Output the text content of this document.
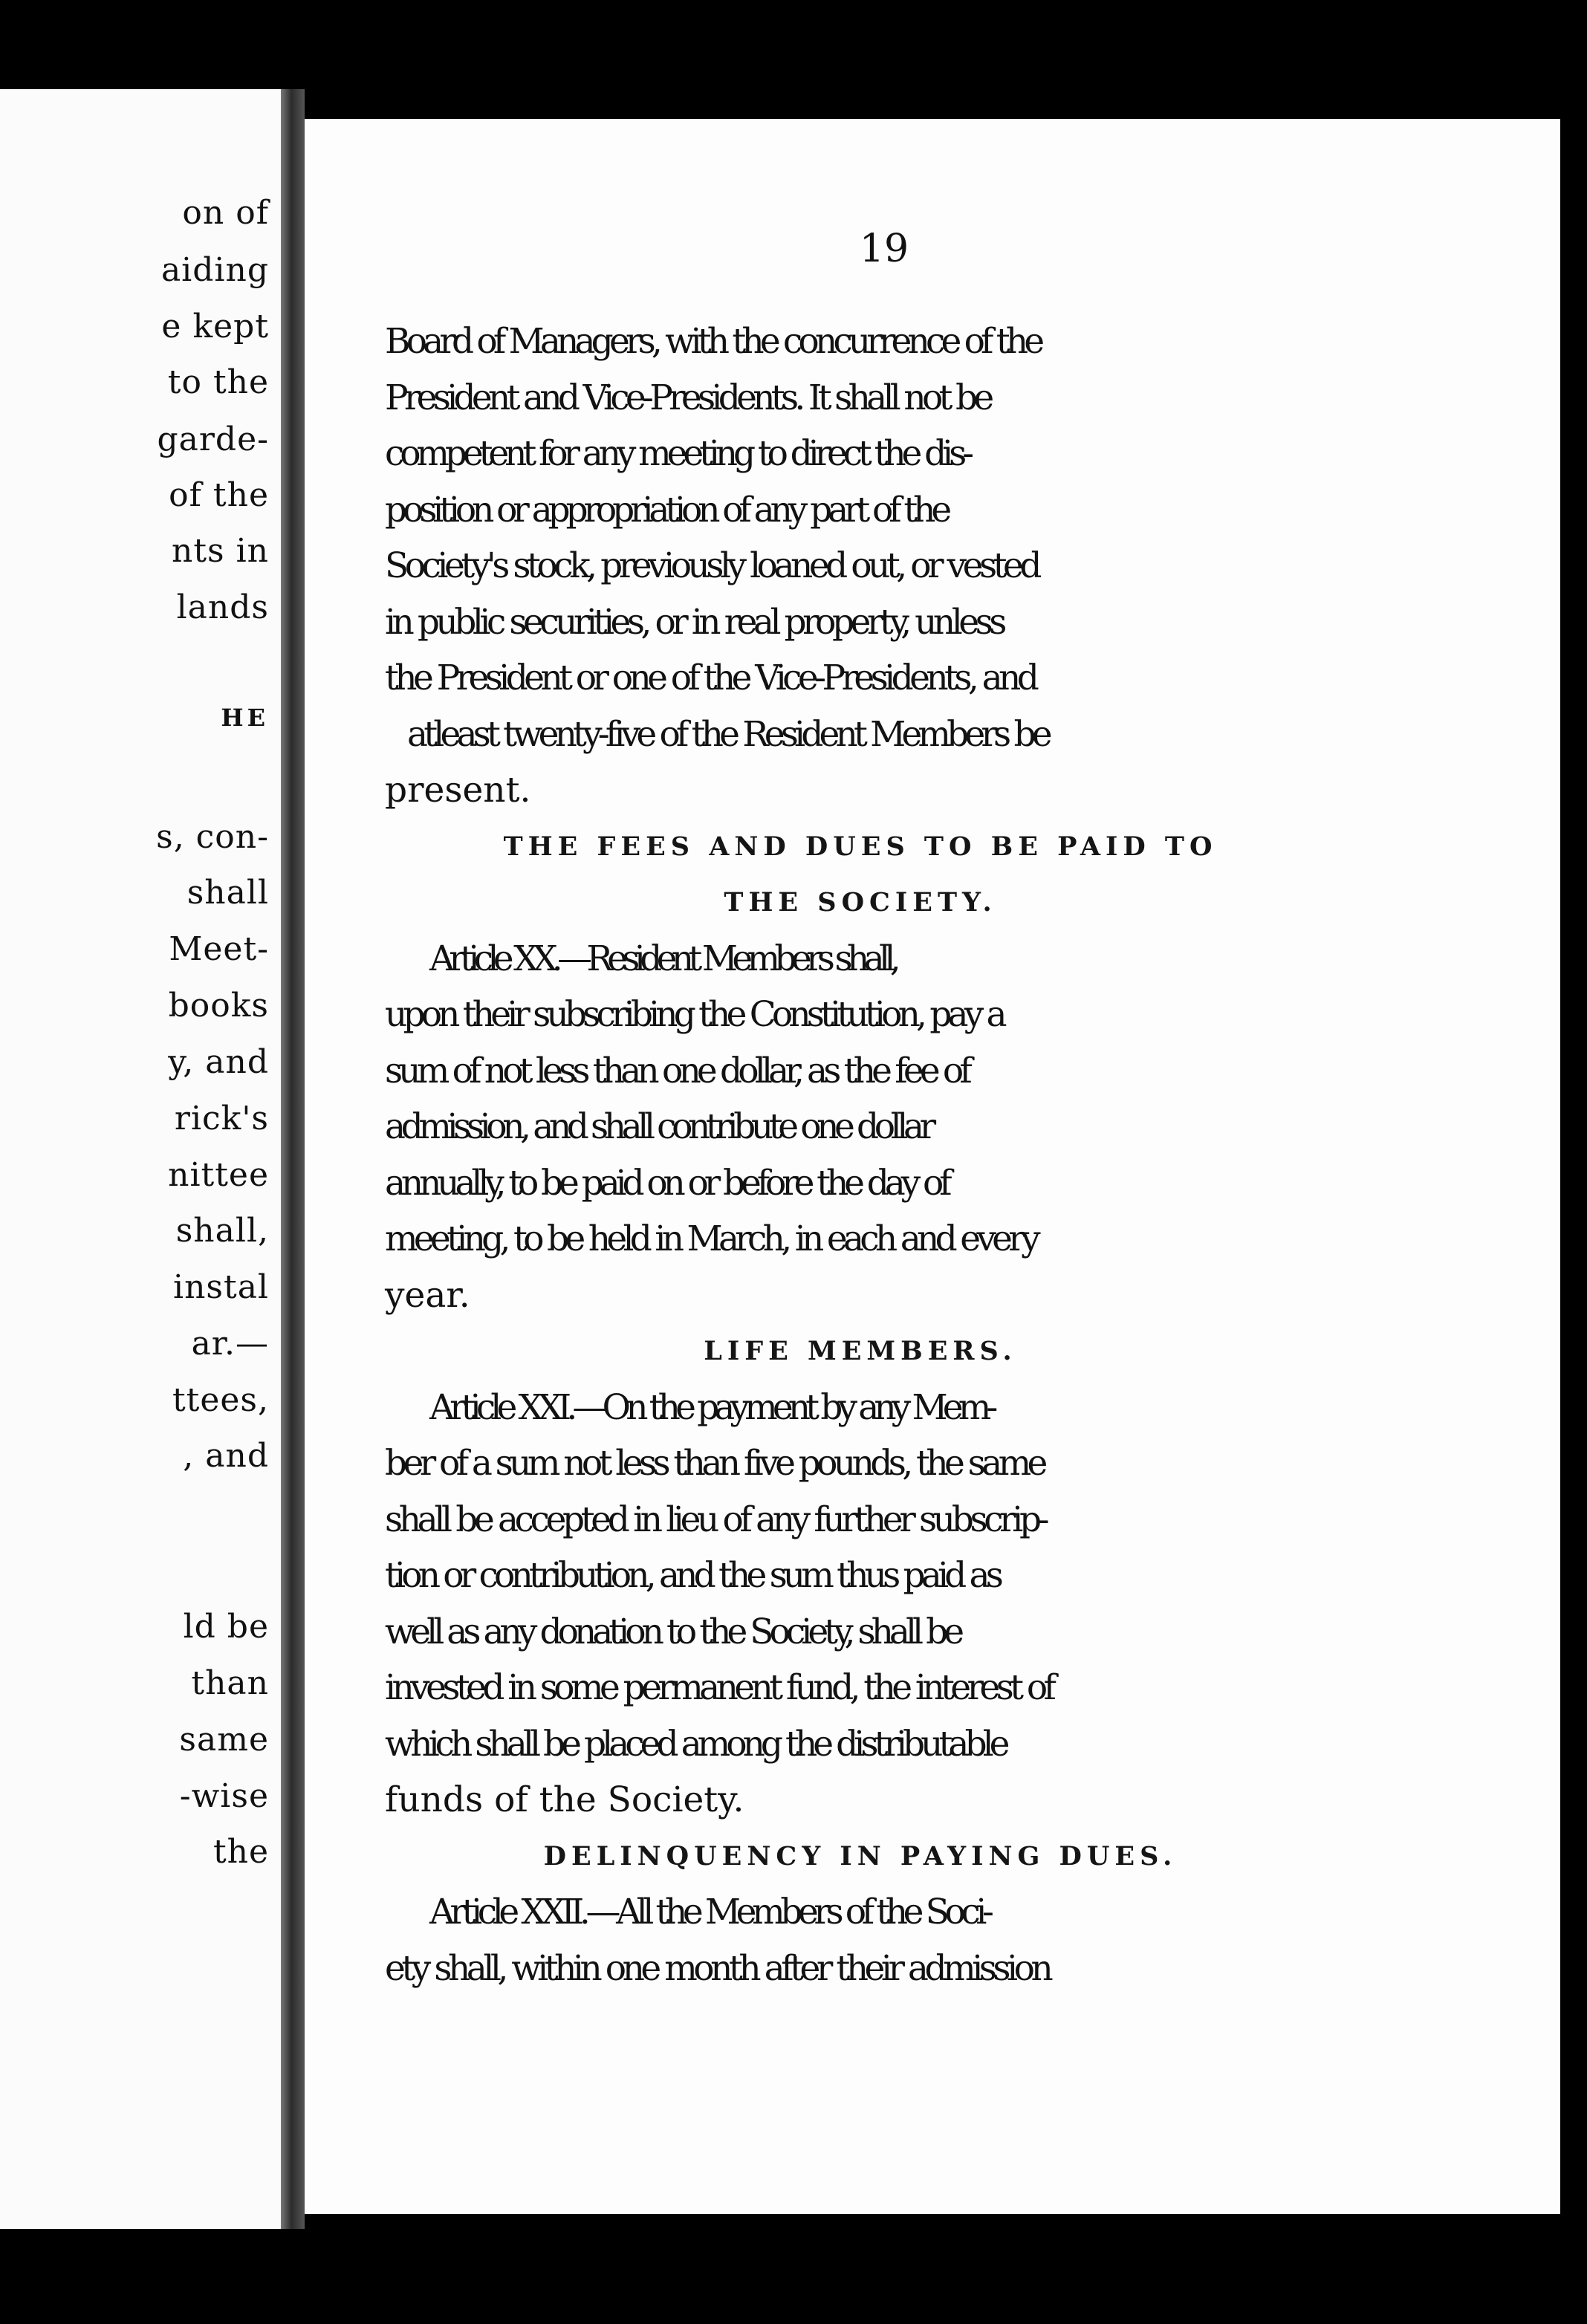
on of
aiding
e kept
to the
garde-
of the
nts in
lands
HE
s, con-
shall
Meet-
books
y, and
rick's
nittee
shall,
instal
ar.—
ttees,
, and
ld be
than
same
-wise
the
19
Board of Managers, with the concurrence of the
President and Vice-Presidents. It shall not be
competent for any meeting to direct the dis-
position or appropriation of any part of the
Society's stock, previously loaned out, or vested
in public securities, or in real property, unless
the President or one of the Vice-Presidents, and
atleast twenty-five of the Resident Members be
present.
THE FEES AND DUES TO BE PAID TO
THE SOCIETY.
Article XX.—Resident Members shall,
upon their subscribing the Constitution, pay a
sum of not less than one dollar, as the fee of
admission, and shall contribute one dollar
annually, to be paid on or before the day of
meeting, to be held in March, in each and every
year.
LIFE MEMBERS.
Article XXI.—On the payment by any Mem-
ber of a sum not less than five pounds, the same
shall be accepted in lieu of any further subscrip-
tion or contribution, and the sum thus paid as
well as any donation to the Society, shall be
invested in some permanent fund, the interest of
which shall be placed among the distributable
funds of the Society.
DELINQUENCY IN PAYING DUES.
Article XXII.—All the Members of the Soci-
ety shall, within one month after their admission
